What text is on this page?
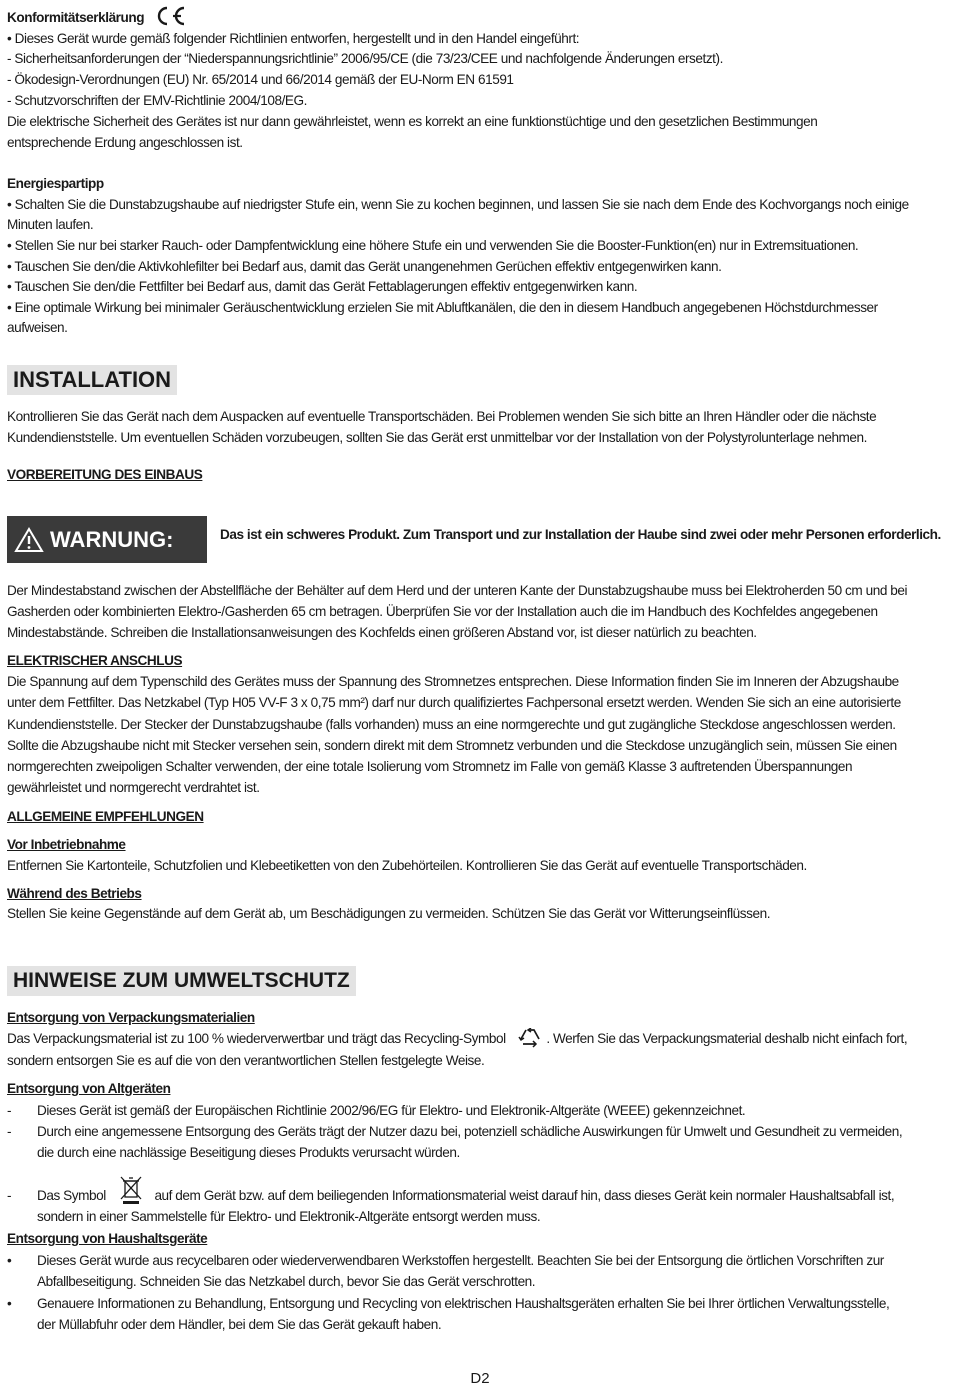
Konformitätserklärung
• Dieses Gerät wurde gemäß folgender Richtlinien entworfen, hergestellt und in den Handel eingeführt:
- Sicherheitsanforderungen der “Niederspannungsrichtlinie” 2006/95/CE (die 73/23/CEE und nachfolgende Änderungen ersetzt).
- Ökodesign-Verordnungen (EU) Nr. 65/2014 und 66/2014 gemäß der EU-Norm EN 61591
- Schutzvorschriften der EMV-Richtlinie 2004/108/EG.
Die elektrische Sicherheit des Gerätes ist nur dann gewährleistet, wenn es korrekt an eine funktionstüchtige und den gesetzlichen Bestimmungen
entsprechende Erdung angeschlossen ist.
Energiespartipp
• Schalten Sie die Dunstabzugshaube auf niedrigster Stufe ein, wenn Sie zu kochen beginnen, und lassen Sie sie nach dem Ende des Kochvorgangs noch einige
Minuten laufen.
• Stellen Sie nur bei starker Rauch- oder Dampfentwicklung eine höhere Stufe ein und verwenden Sie die Booster-Funktion(en) nur in Extremsituationen.
• Tauschen Sie den/die Aktivkohlefilter bei Bedarf aus, damit das Gerät unangenehmen Gerüchen effektiv entgegenwirken kann.
• Tauschen Sie den/die Fettfilter bei Bedarf aus, damit das Gerät Fettablagerungen effektiv entgegenwirken kann.
• Eine optimale Wirkung bei minimaler Geräuschentwicklung erzielen Sie mit Abluftkanälen, die den in diesem Handbuch angegebenen Höchstdurchmesser
aufweisen.
INSTALLATION
Kontrollieren Sie das Gerät nach dem Auspacken auf eventuelle Transportschäden. Bei Problemen wenden Sie sich bitte an Ihren Händler oder die nächste
Kundendienststelle. Um eventuellen Schäden vorzubeugen, sollten Sie das Gerät erst unmittelbar vor der Installation von der Polystyrolunterlage nehmen.
VORBEREITUNG DES EINBAUS
WARNUNG:	Das ist ein schweres Produkt. Zum Transport und zur Installation der Haube sind zwei oder mehr Personen erforderlich.
Der Mindestabstand zwischen der Abstellfläche der Behälter auf dem Herd und der unteren Kante der Dunstabzugshaube muss bei Elektroherden 50 cm und bei
Gasherden oder kombinierten Elektro-/Gasherden 65 cm betragen. Überprüfen Sie vor der Installation auch die im Handbuch des Kochfeldes angegebenen
Mindestabstände. Schreiben die Installationsanweisungen des Kochfelds einen größeren Abstand vor, ist dieser natürlich zu beachten.
ELEKTRISCHER ANSCHLUS
Die Spannung auf dem Typenschild des Gerätes muss der Spannung des Stromnetzes entsprechen. Diese Information finden Sie im Inneren der Abzugshaube
unter dem Fettfilter. Das Netzkabel (Typ H05 VV-F 3 x 0,75 mm²) darf nur durch qualifiziertes Fachpersonal ersetzt werden. Wenden Sie sich an eine autorisierte
Kundendienststelle. Der Stecker der Dunstabzugshaube (falls vorhanden) muss an eine normgerechte und gut zugängliche Steckdose angeschlossen werden.
Sollte die Abzugshaube nicht mit Stecker versehen sein, sondern direkt mit dem Stromnetz verbunden und die Steckdose unzugänglich sein, müssen Sie einen
normgerechten zweipoligen Schalter verwenden, der eine totale Isolierung vom Stromnetz im Falle von gemäß Klasse 3 auftretenden Überspannungen
gewährleistet und normgerecht verdrahtet ist.
ALLGEMEINE EMPFEHLUNGEN
Vor Inbetriebnahme
Entfernen Sie Kartonteile, Schutzfolien und Klebeetiketten von den Zubehörteilen. Kontrollieren Sie das Gerät auf eventuelle Transportschäden.
Während des Betriebs
Stellen Sie keine Gegenstände auf dem Gerät ab, um Beschädigungen zu vermeiden. Schützen Sie das Gerät vor Witterungseinflüssen.
HINWEISE ZUM UMWELTSCHUTZ
Entsorgung von Verpackungsmaterialien
Das Verpackungsmaterial ist zu 100 % wiederverwertbar und trägt das Recycling-Symbol	. Werfen Sie das Verpackungsmaterial deshalb nicht einfach fort,
sondern entsorgen Sie es auf die von den verantwortlichen Stellen festgelegte Weise.
Entsorgung von Altgeräten
- Dieses Gerät ist gemäß der Europäischen Richtlinie 2002/96/EG für Elektro- und Elektronik-Altgeräte (WEEE) gekennzeichnet.
- Durch eine angemessene Entsorgung des Geräts trägt der Nutzer dazu bei, potenziell schädliche Auswirkungen für Umwelt und Gesundheit zu vermeiden,
die durch eine nachlässige Beseitigung dieses Produkts verursacht würden.
- Das Symbol	auf dem Gerät bzw. auf dem beiliegenden Informationsmaterial weist darauf hin, dass dieses Gerät kein normaler Haushaltsabfall ist,
sondern in einer Sammelstelle für Elektro- und Elektronik-Altgeräte entsorgt werden muss.
Entsorgung von Haushaltsgeräte
• Dieses Gerät wurde aus recycelbaren oder wiederverwendbaren Werkstoffen hergestellt. Beachten Sie bei der Entsorgung die örtlichen Vorschriften zur
Abfallbeseitigung. Schneiden Sie das Netzkabel durch, bevor Sie das Gerät verschrotten.
• Genauere Informationen zu Behandlung, Entsorgung und Recycling von elektrischen Haushaltsgeräten erhalten Sie bei Ihrer örtlichen Verwaltungsstelle,
der Müllabfuhr oder dem Händler, bei dem Sie das Gerät gekauft haben.
D2
